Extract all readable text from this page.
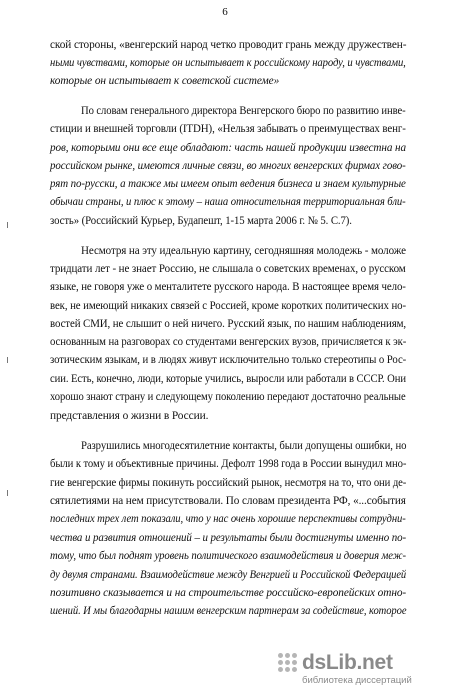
6
ской стороны, «венгерский народ четко проводит грань между дружествен-
ными чувствами, которые он испытывает к российскому народу, и чувствами,
которые он испытывает к советской системе»
По словам генерального директора Венгерского бюро по развитию инве-
стиции и внешней торговли (ITDH), «Нельзя забывать о преимуществах венг-
ров, которыми они все еще обладают: часть нашей продукции известна на
российском рынке, имеются личные связи, во многих венгерских фирмах гово-
рят по-русски, а также мы имеем опыт ведения бизнеса и знаем культурные
обычаи страны, и плюс к этому – наша относительная территориальная бли-
зость» (Российский Курьер, Будапешт, 1-15 марта 2006 г. № 5. С.7).
Несмотря на эту идеальную картину, сегодняшняя молодежь - моложе
тридцати лет - не знает Россию, не слышала о советских временах, о русском
языке, не говоря уже о менталитете русского народа. В настоящее время чело-
век, не имеющий никаких связей с Россией, кроме коротких политических но-
востей СМИ, не слышит о ней ничего. Русский язык, по нашим наблюдениям,
основанным на разговорах со студентами венгерских вузов, причисляется к эк-
зотическим языкам, и в людях живут исключительно только стереотипы о Рос-
сии. Есть, конечно, люди, которые учились, выросли или работали в СССР. Они
хорошо знают страну и следующему поколению передают достаточно реальные
представления о жизни в России.
Разрушились многодесятилетние контакты, были допущены ошибки, но
были к тому и объективные причины. Дефолт 1998 года в России вынудил мно-
гие венгерские фирмы покинуть российский рынок, несмотря на то, что они де-
сятилетиями на нем присутствовали. По словам президента РФ, «...события
последних трех лет показали, что у нас очень хорошие перспективы сотрудни-
чества и развития отношений – и результаты были достигнуты именно по-
тому, что был поднят уровень политического взаимодействия и доверия меж-
ду двумя странами. Взаимодействие между Венгрией и Российской Федерацией
позитивно сказывается и на строительстве российско-европейских отно-
шений. И мы благодарны нашим венгерским партнерам за содействие, которое
dsLib.net
библиотека диссертаций
